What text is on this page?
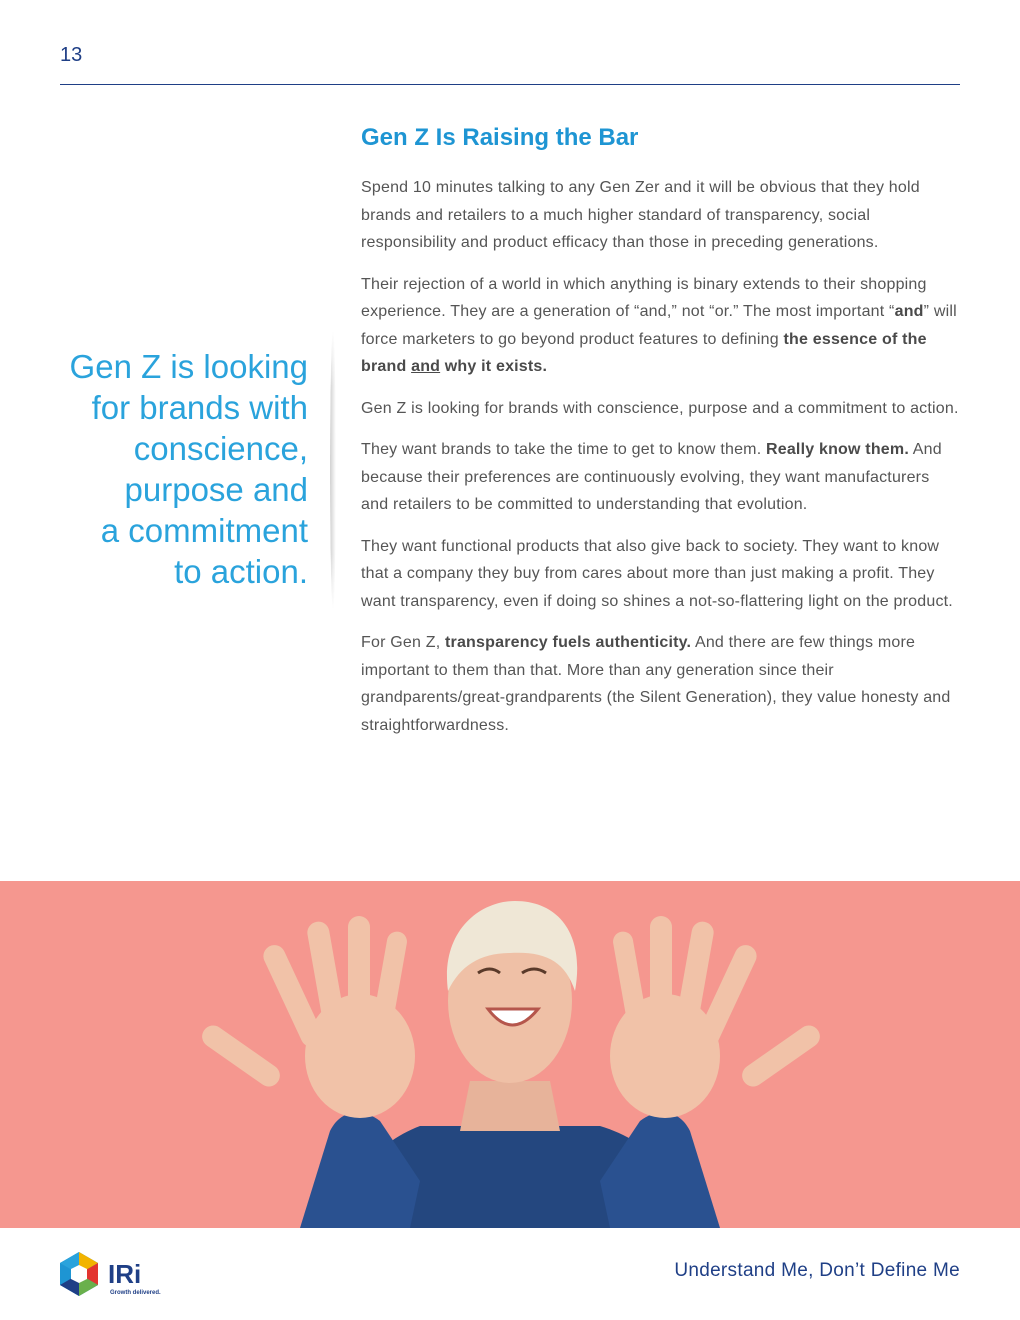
13
Gen Z is looking
for brands with
conscience,
purpose and
a commitment
to action.
Gen Z Is Raising the Bar

Spend 10 minutes talking to any Gen Zer and it will be obvious that they hold brands and retailers to a much higher standard of transparency, social responsibility and product efficacy than those in preceding generations.

Their rejection of a world in which anything is binary extends to their shopping experience. They are a generation of “and,” not “or.” The most important “and” will force marketers to go beyond product features to defining the essence of the brand and why it exists.

Gen Z is looking for brands with conscience, purpose and a commitment to action.

They want brands to take the time to get to know them. Really know them. And because their preferences are continuously evolving, they want manufacturers and retailers to be committed to understanding that evolution.

They want functional products that also give back to society. They want to know that a company they buy from cares about more than just making a profit. They want transparency, even if doing so shines a not-so-flattering light on the product.

For Gen Z, transparency fuels authenticity. And there are few things more important to them than that. More than any generation since their grandparents/great-grandparents (the Silent Generation), they value honesty and straightforwardness.

IRi
Growth delivered.
Understand Me, Don’t Define Me
